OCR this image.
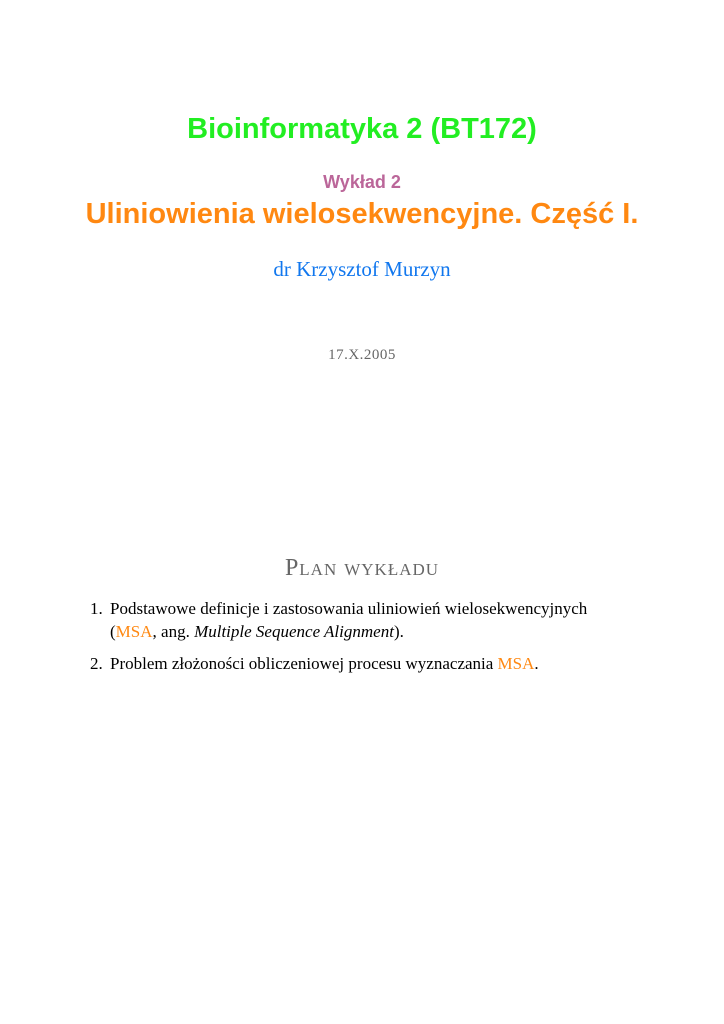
Bioinformatyka 2 (BT172)
Wykład 2
Uliniowienia wielosekwencyjne. Część I.
dr Krzysztof Murzyn
17.X.2005
Plan wykładu
1. Podstawowe definicje i zastosowania uliniowień wielosekwencyjnych
(MSA, ang. Multiple Sequence Alignment).
2. Problem złożoności obliczeniowej procesu wyznaczania MSA.
